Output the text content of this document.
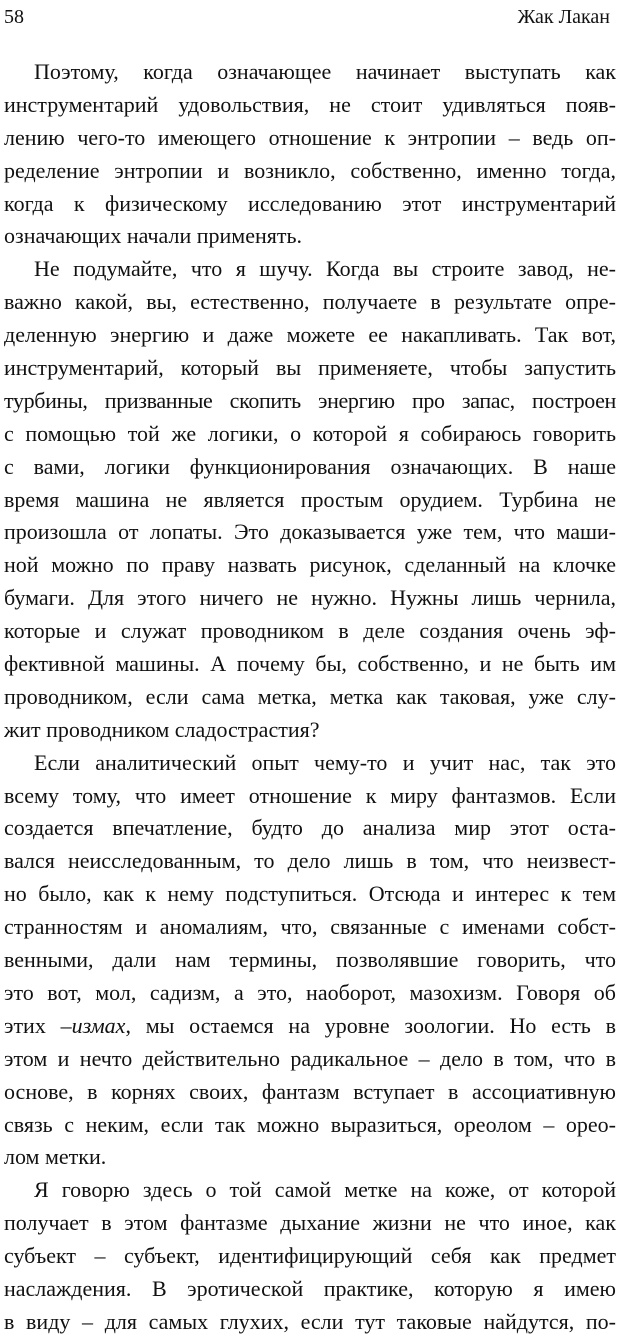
58	Жак Лакан
Поэтому, когда означающее начинает выступать как
инструментарий удовольствия, не стоит удивляться появ-
лению чего-то имеющего отношение к энтропии – ведь оп-
ределение энтропии и возникло, собственно, именно тогда,
когда к физическому исследованию этот инструментарий
означающих начали применять.
Не подумайте, что я шучу. Когда вы строите завод, не-
важно какой, вы, естественно, получаете в результате опре-
деленную энергию и даже можете ее накапливать. Так вот,
инструментарий, который вы применяете, чтобы запустить
турбины, призванные скопить энергию про запас, построен
с помощью той же логики, о которой я собираюсь говорить
с вами, логики функционирования означающих. В наше
время машина не является простым орудием. Турбина не
произошла от лопаты. Это доказывается уже тем, что маши-
ной можно по праву назвать рисунок, сделанный на клочке
бумаги. Для этого ничего не нужно. Нужны лишь чернила,
которые и служат проводником в деле создания очень эф-
фективной машины. А почему бы, собственно, и не быть им
проводником, если сама метка, метка как таковая, уже слу-
жит проводником сладострастия?
Если аналитический опыт чему-то и учит нас, так это
всему тому, что имеет отношение к миру фантазмов. Если
создается впечатление, будто до анализа мир этот оста-
вался неисследованным, то дело лишь в том, что неизвест-
но было, как к нему подступиться. Отсюда и интерес к тем
странностям и аномалиям, что, связанные с именами собст-
венными, дали нам термины, позволявшие говорить, что
это вот, мол, садизм, а это, наоборот, мазохизм. Говоря об
этих –измах, мы остаемся на уровне зоологии. Но есть в
этом и нечто действительно радикальное – дело в том, что в
основе, в корнях своих, фантазм вступает в ассоциативную
связь с неким, если так можно выразиться, ореолом – орео-
лом метки.
Я говорю здесь о той самой метке на коже, от которой
получает в этом фантазме дыхание жизни не что иное, как
субъект – субъект, идентифицирующий себя как предмет
наслаждения. В эротической практике, которую я имею
в виду – для самых глухих, если тут таковые найдутся, по-
